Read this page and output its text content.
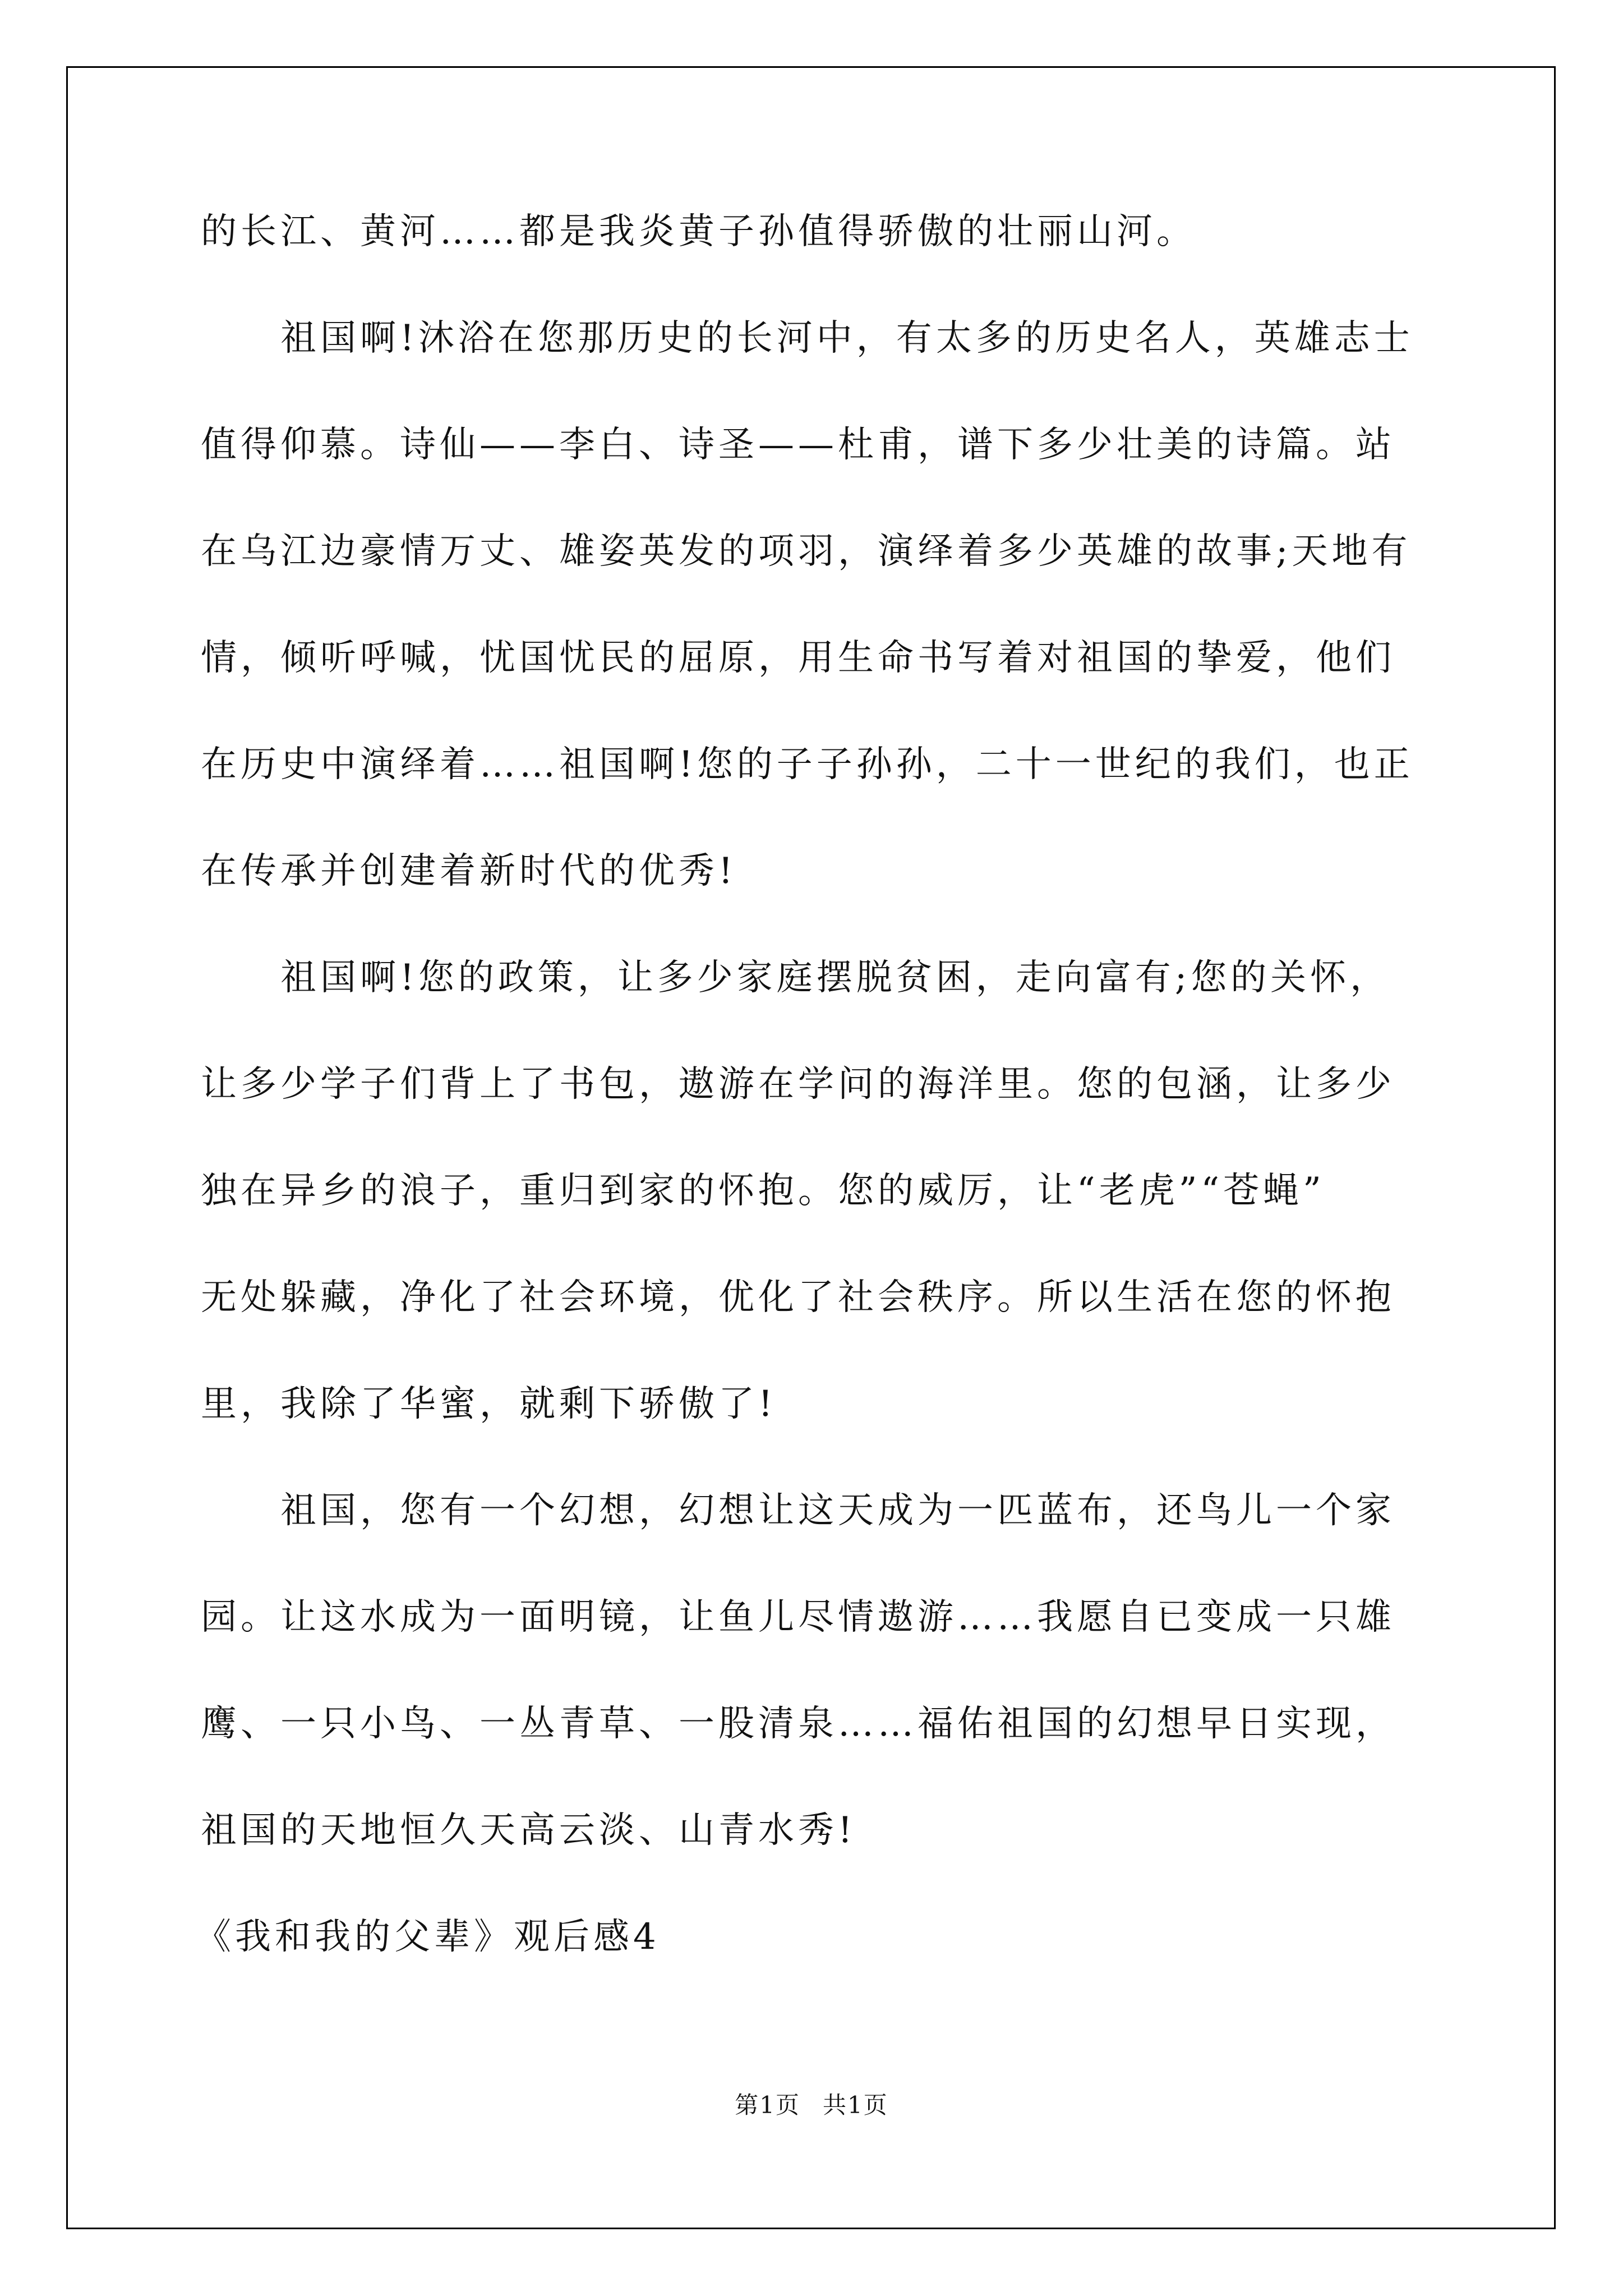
的长江、黄河……都是我炎黄子孙值得骄傲的壮丽山河。
　　祖国啊!沐浴在您那历史的长河中，有太多的历史名人，英雄志士
值得仰慕。诗仙——李白、诗圣——杜甫，谱下多少壮美的诗篇。站
在乌江边豪情万丈、雄姿英发的项羽，演绎着多少英雄的故事;天地有
情，倾听呼喊，忧国忧民的屈原，用生命书写着对祖国的挚爱，他们
在历史中演绎着……祖国啊!您的子子孙孙，二十一世纪的我们，也正
在传承并创建着新时代的优秀!
　　祖国啊!您的政策，让多少家庭摆脱贫困，走向富有;您的关怀，
让多少学子们背上了书包，遨游在学问的海洋里。您的包涵，让多少
独在异乡的浪子，重归到家的怀抱。您的威厉，让“老虎”“苍蝇”
无处躲藏，净化了社会环境，优化了社会秩序。所以生活在您的怀抱
里，我除了华蜜，就剩下骄傲了!
　　祖国，您有一个幻想，幻想让这天成为一匹蓝布，还鸟儿一个家
园。让这水成为一面明镜，让鱼儿尽情遨游……我愿自已变成一只雄
鹰、一只小鸟、一丛青草、一股清泉……福佑祖国的幻想早日实现，
祖国的天地恒久天高云淡、山青水秀!
《我和我的父辈》观后感4
第1页 共1页
